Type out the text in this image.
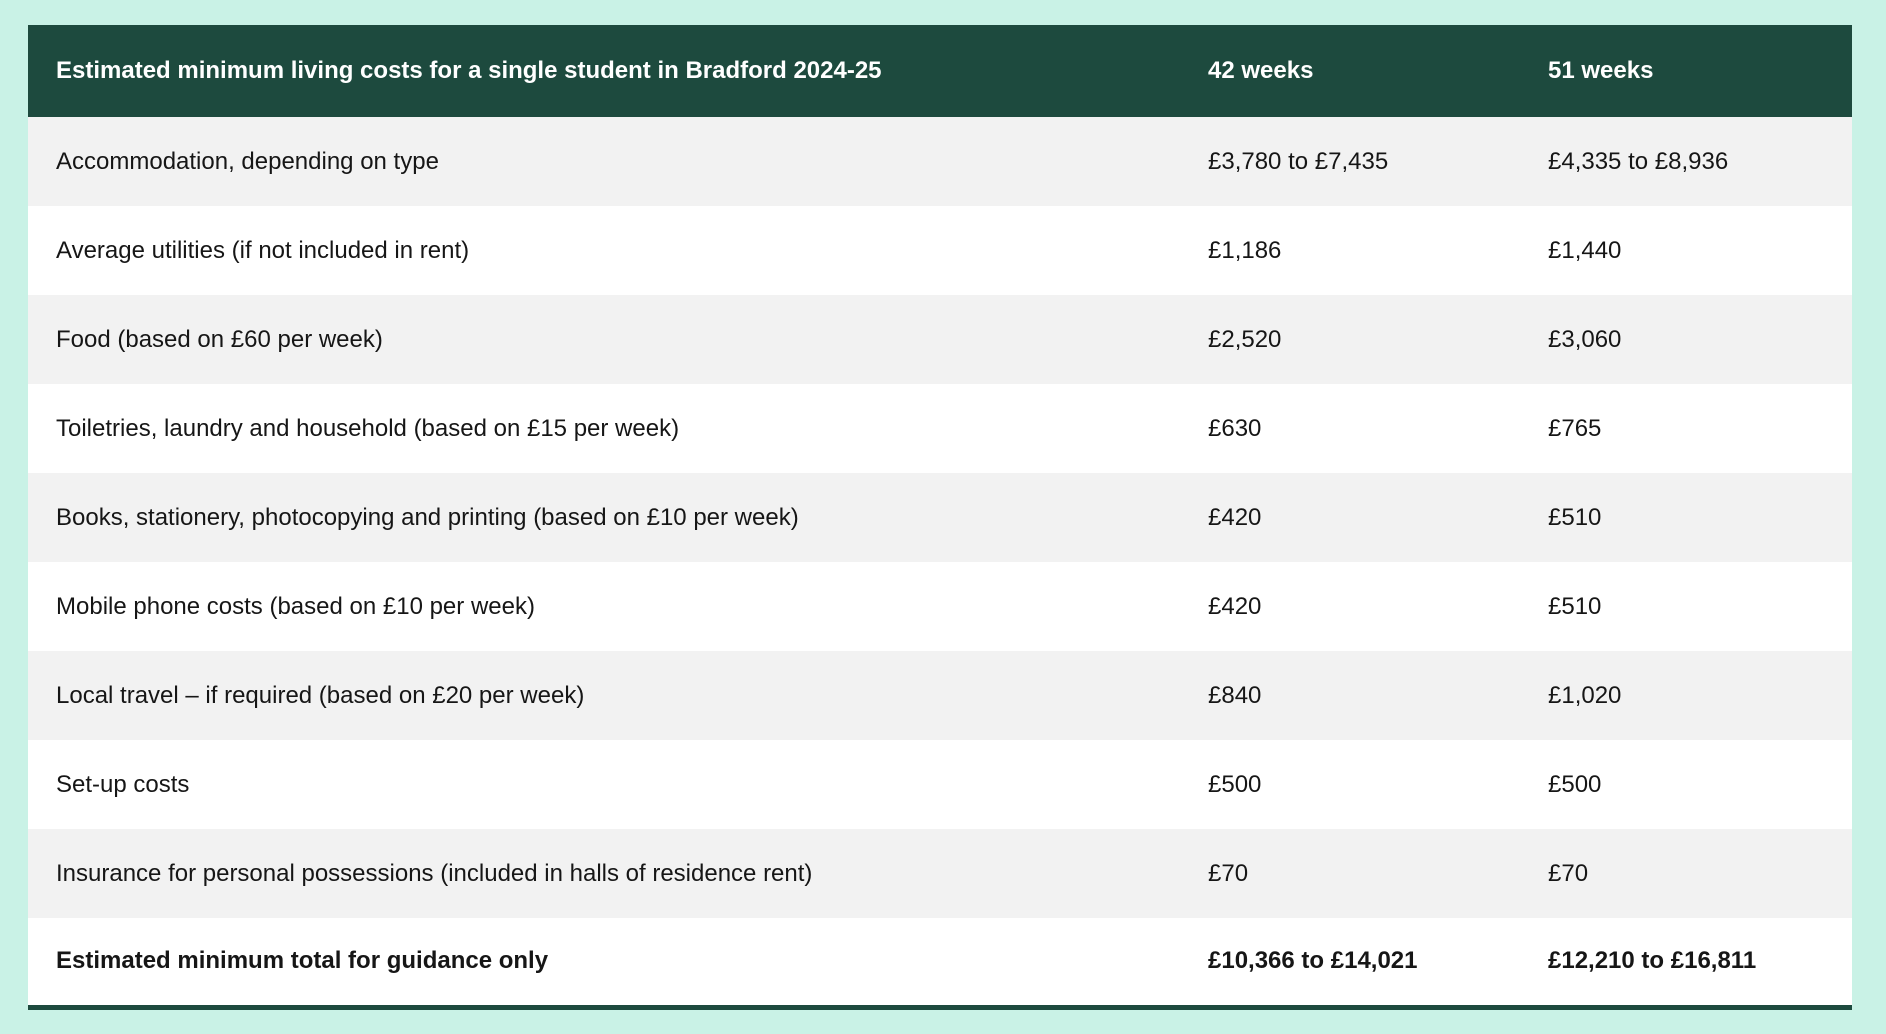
Estimated minimum living costs for a single student in Bradford 2024-25	42 weeks	51 weeks
Accommodation, depending on type	£3,780 to £7,435	£4,335 to £8,936
Average utilities (if not included in rent)	£1,186	£1,440
Food (based on £60 per week)	£2,520	£3,060
Toiletries, laundry and household (based on £15 per week)	£630	£765
Books, stationery, photocopying and printing (based on £10 per week)	£420	£510
Mobile phone costs (based on £10 per week)	£420	£510
Local travel – if required (based on £20 per week)	£840	£1,020
Set-up costs	£500	£500
Insurance for personal possessions (included in halls of residence rent)	£70	£70
Estimated minimum total for guidance only	£10,366 to £14,021	£12,210 to £16,811
